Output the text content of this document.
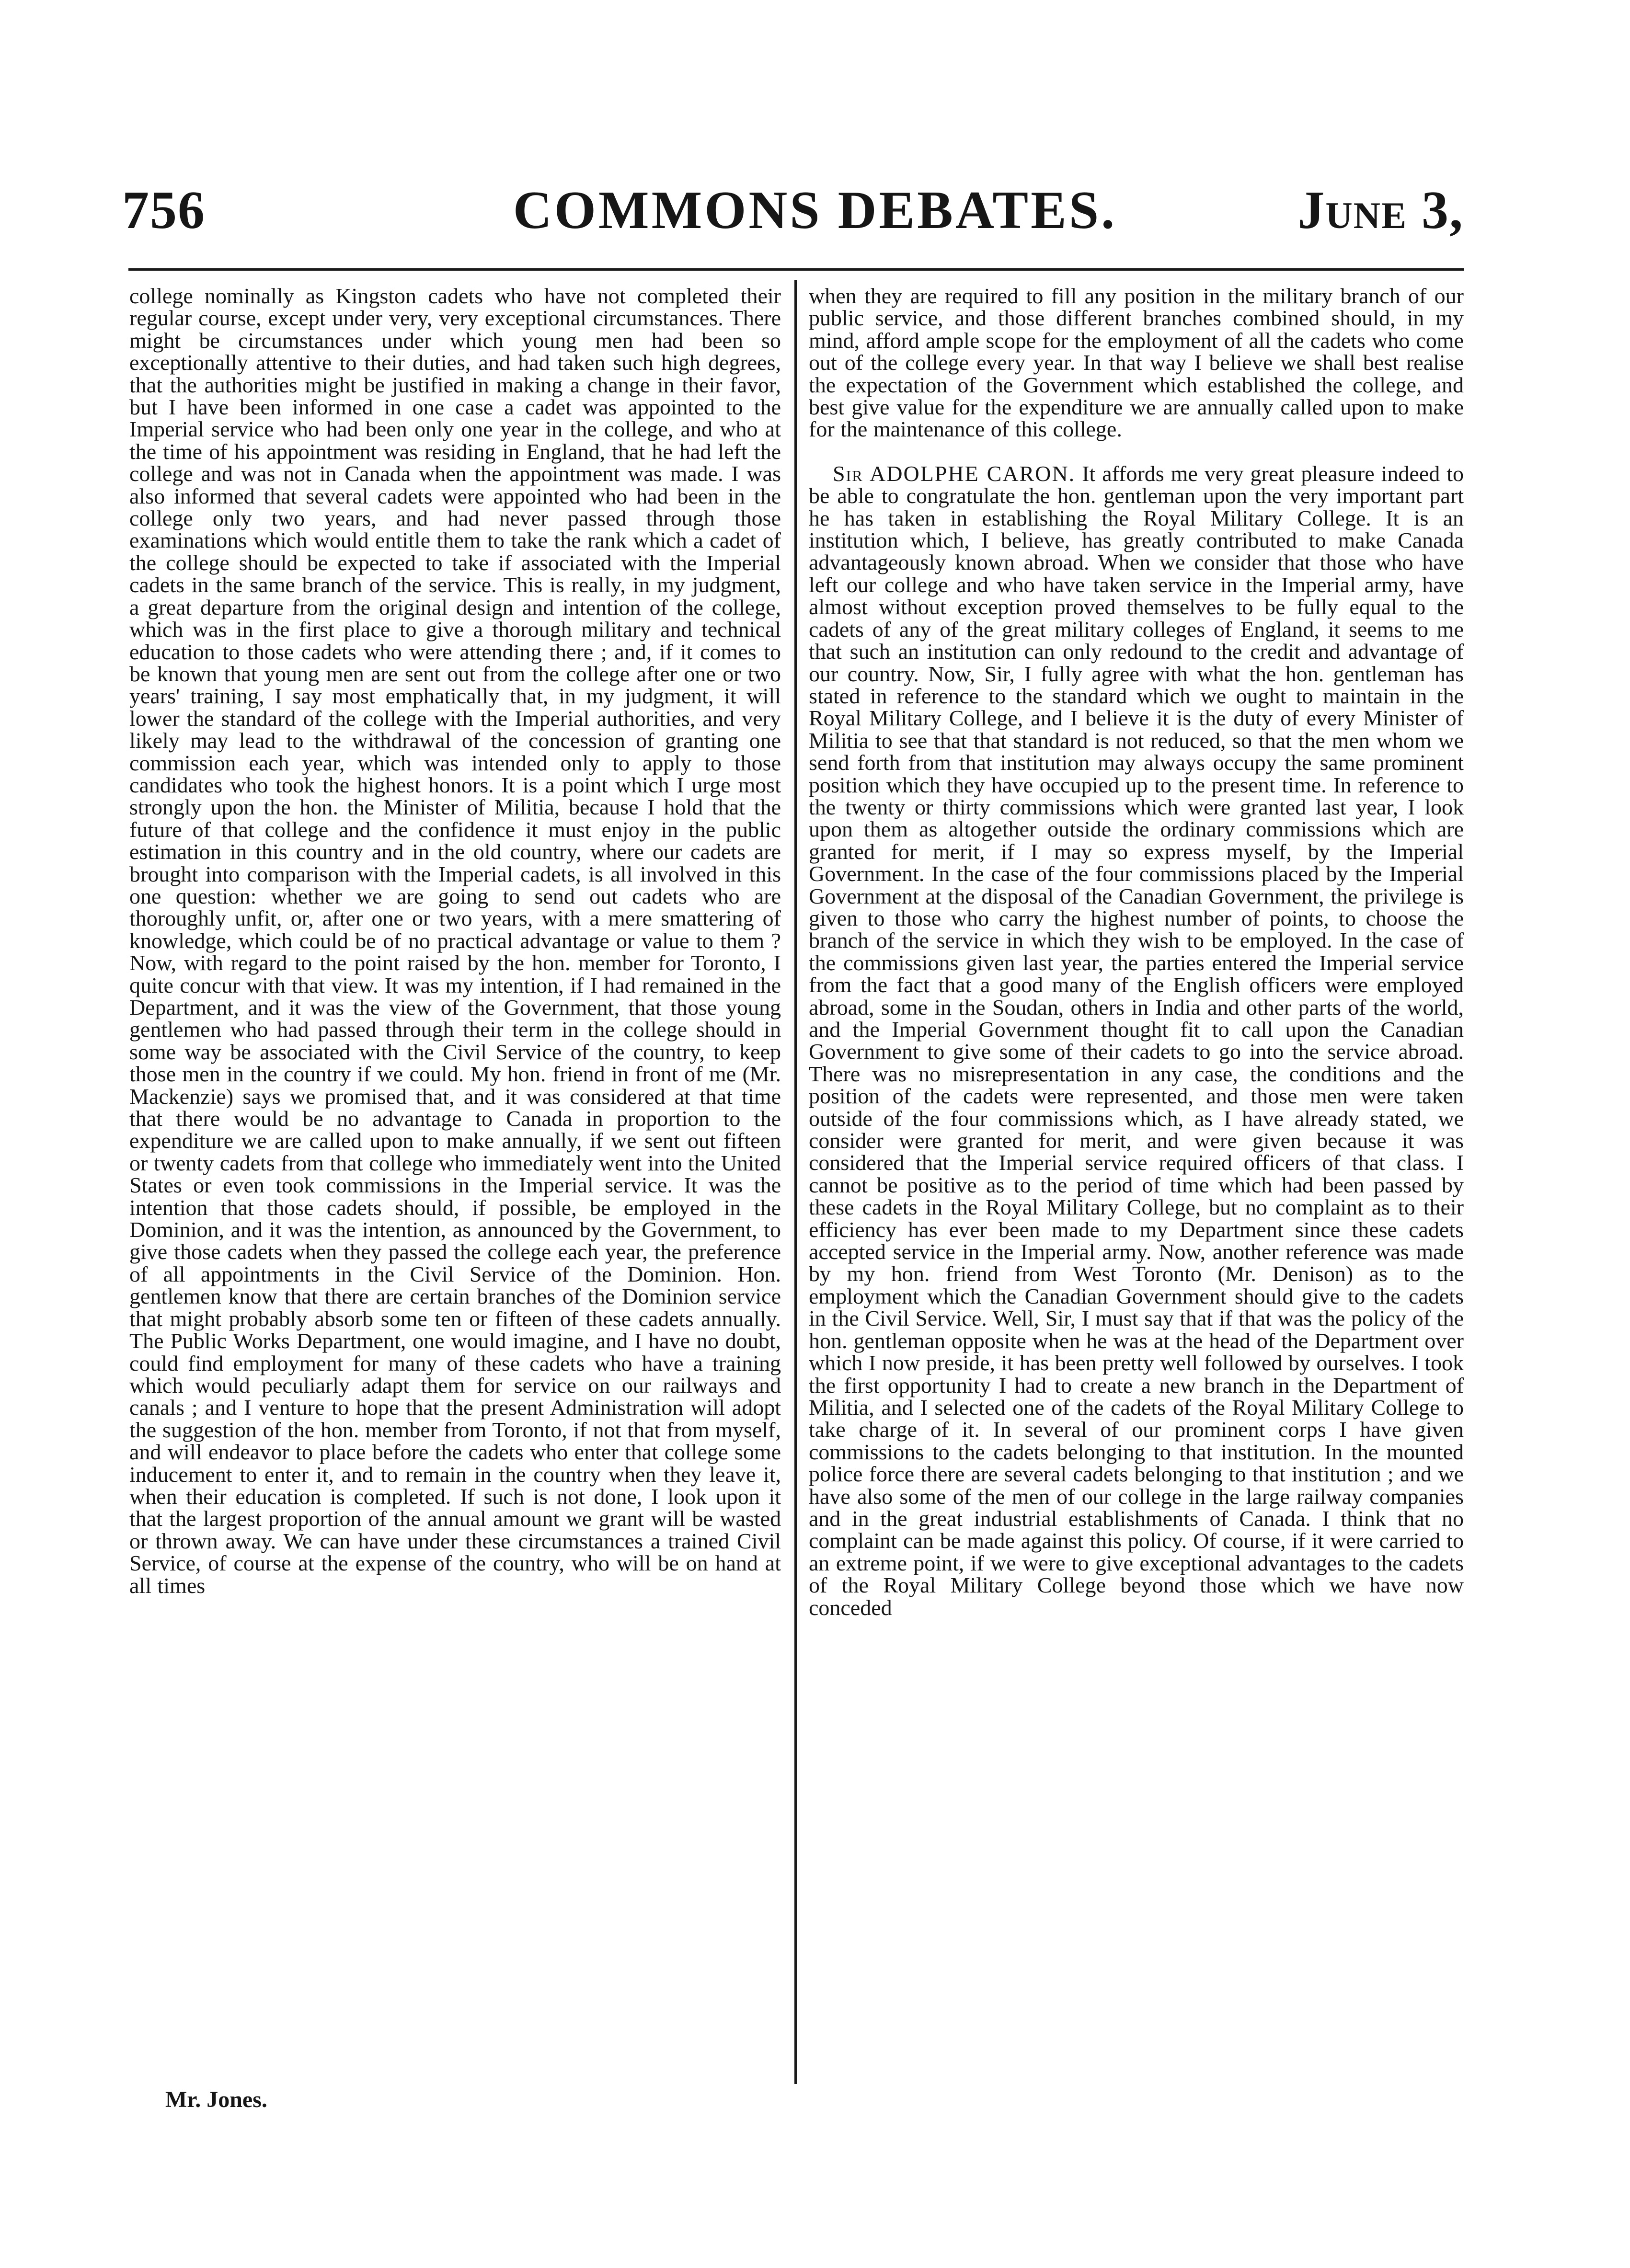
756	COMMONS DEBATES.	June 3,

college nominally as Kingston cadets who have not completed their regular course, except under very, very exceptional circumstances. There might be circumstances under which young men had been so exceptionally attentive to their duties, and had taken such high degrees, that the authorities might be justified in making a change in their favor, but I have been informed in one case a cadet was appointed to the Imperial service who had been only one year in the college, and who at the time of his appointment was residing in England, that he had left the college and was not in Canada when the appointment was made. I was also informed that several cadets were appointed who had been in the college only two years, and had never passed through those examinations which would entitle them to take the rank which a cadet of the college should be expected to take if associated with the Imperial cadets in the same branch of the service. This is really, in my judgment, a great departure from the original design and intention of the college, which was in the first place to give a thorough military and technical education to those cadets who were attending there ; and, if it comes to be known that young men are sent out from the college after one or two years' training, I say most emphatically that, in my judgment, it will lower the standard of the college with the Imperial authorities, and very likely may lead to the withdrawal of the concession of granting one commission each year, which was intended only to apply to those candidates who took the highest honors. It is a point which I urge most strongly upon the hon. the Minister of Militia, because I hold that the future of that college and the confidence it must enjoy in the public estimation in this country and in the old country, where our cadets are brought into comparison with the Imperial cadets, is all involved in this one question: whether we are going to send out cadets who are thoroughly unfit, or, after one or two years, with a mere smattering of knowledge, which could be of no practical advantage or value to them ? Now, with regard to the point raised by the hon. member for Toronto, I quite concur with that view. It was my intention, if I had remained in the Department, and it was the view of the Government, that those young gentlemen who had passed through their term in the college should in some way be associated with the Civil Service of the country, to keep those men in the country if we could. My hon. friend in front of me (Mr. Mackenzie) says we promised that, and it was considered at that time that there would be no advantage to Canada in proportion to the expenditure we are called upon to make annually, if we sent out fifteen or twenty cadets from that college who immediately went into the United States or even took commissions in the Imperial service. It was the intention that those cadets should, if possible, be employed in the Dominion, and it was the intention, as announced by the Government, to give those cadets when they passed the college each year, the preference of all appointments in the Civil Service of the Dominion. Hon. gentlemen know that there are certain branches of the Dominion service that might probably absorb some ten or fifteen of these cadets annually. The Public Works Department, one would imagine, and I have no doubt, could find employment for many of these cadets who have a training which would peculiarly adapt them for service on our railways and canals ; and I venture to hope that the present Administration will adopt the suggestion of the hon. member from Toronto, if not that from myself, and will endeavor to place before the cadets who enter that college some inducement to enter it, and to remain in the country when they leave it, when their education is completed. If such is not done, I look upon it that the largest proportion of the annual amount we grant will be wasted or thrown away. We can have under these circumstances a trained Civil Service, of course at the expense of the country, who will be on hand at all times

when they are required to fill any position in the military branch of our public service, and those different branches combined should, in my mind, afford ample scope for the employment of all the cadets who come out of the college every year. In that way I believe we shall best realise the expectation of the Government which established the college, and best give value for the expenditure we are annually called upon to make for the maintenance of this college.

Sir ADOLPHE CARON. It affords me very great pleasure indeed to be able to congratulate the hon. gentleman upon the very important part he has taken in establishing the Royal Military College. It is an institution which, I believe, has greatly contributed to make Canada advantageously known abroad. When we consider that those who have left our college and who have taken service in the Imperial army, have almost without exception proved themselves to be fully equal to the cadets of any of the great military colleges of England, it seems to me that such an institution can only redound to the credit and advantage of our country. Now, Sir, I fully agree with what the hon. gentleman has stated in reference to the standard which we ought to maintain in the Royal Military College, and I believe it is the duty of every Minister of Militia to see that that standard is not reduced, so that the men whom we send forth from that institution may always occupy the same prominent position which they have occupied up to the present time. In reference to the twenty or thirty commissions which were granted last year, I look upon them as altogether outside the ordinary commissions which are granted for merit, if I may so express myself, by the Imperial Government. In the case of the four commissions placed by the Imperial Government at the disposal of the Canadian Government, the privilege is given to those who carry the highest number of points, to choose the branch of the service in which they wish to be employed. In the case of the commissions given last year, the parties entered the Imperial service from the fact that a good many of the English officers were employed abroad, some in the Soudan, others in India and other parts of the world, and the Imperial Government thought fit to call upon the Canadian Government to give some of their cadets to go into the service abroad. There was no misrepresentation in any case, the conditions and the position of the cadets were represented, and those men were taken outside of the four commissions which, as I have already stated, we consider were granted for merit, and were given because it was considered that the Imperial service required officers of that class. I cannot be positive as to the period of time which had been passed by these cadets in the Royal Military College, but no complaint as to their efficiency has ever been made to my Department since these cadets accepted service in the Imperial army. Now, another reference was made by my hon. friend from West Toronto (Mr. Denison) as to the employment which the Canadian Government should give to the cadets in the Civil Service. Well, Sir, I must say that if that was the policy of the hon. gentleman opposite when he was at the head of the Department over which I now preside, it has been pretty well followed by ourselves. I took the first opportunity I had to create a new branch in the Department of Militia, and I selected one of the cadets of the Royal Military College to take charge of it. In several of our prominent corps I have given commissions to the cadets belonging to that institution. In the mounted police force there are several cadets belonging to that institution ; and we have also some of the men of our college in the large railway companies and in the great industrial establishments of Canada. I think that no complaint can be made against this policy. Of course, if it were carried to an extreme point, if we were to give exceptional advantages to the cadets of the Royal Military College beyond those which we have now conceded

Mr. Jones.
